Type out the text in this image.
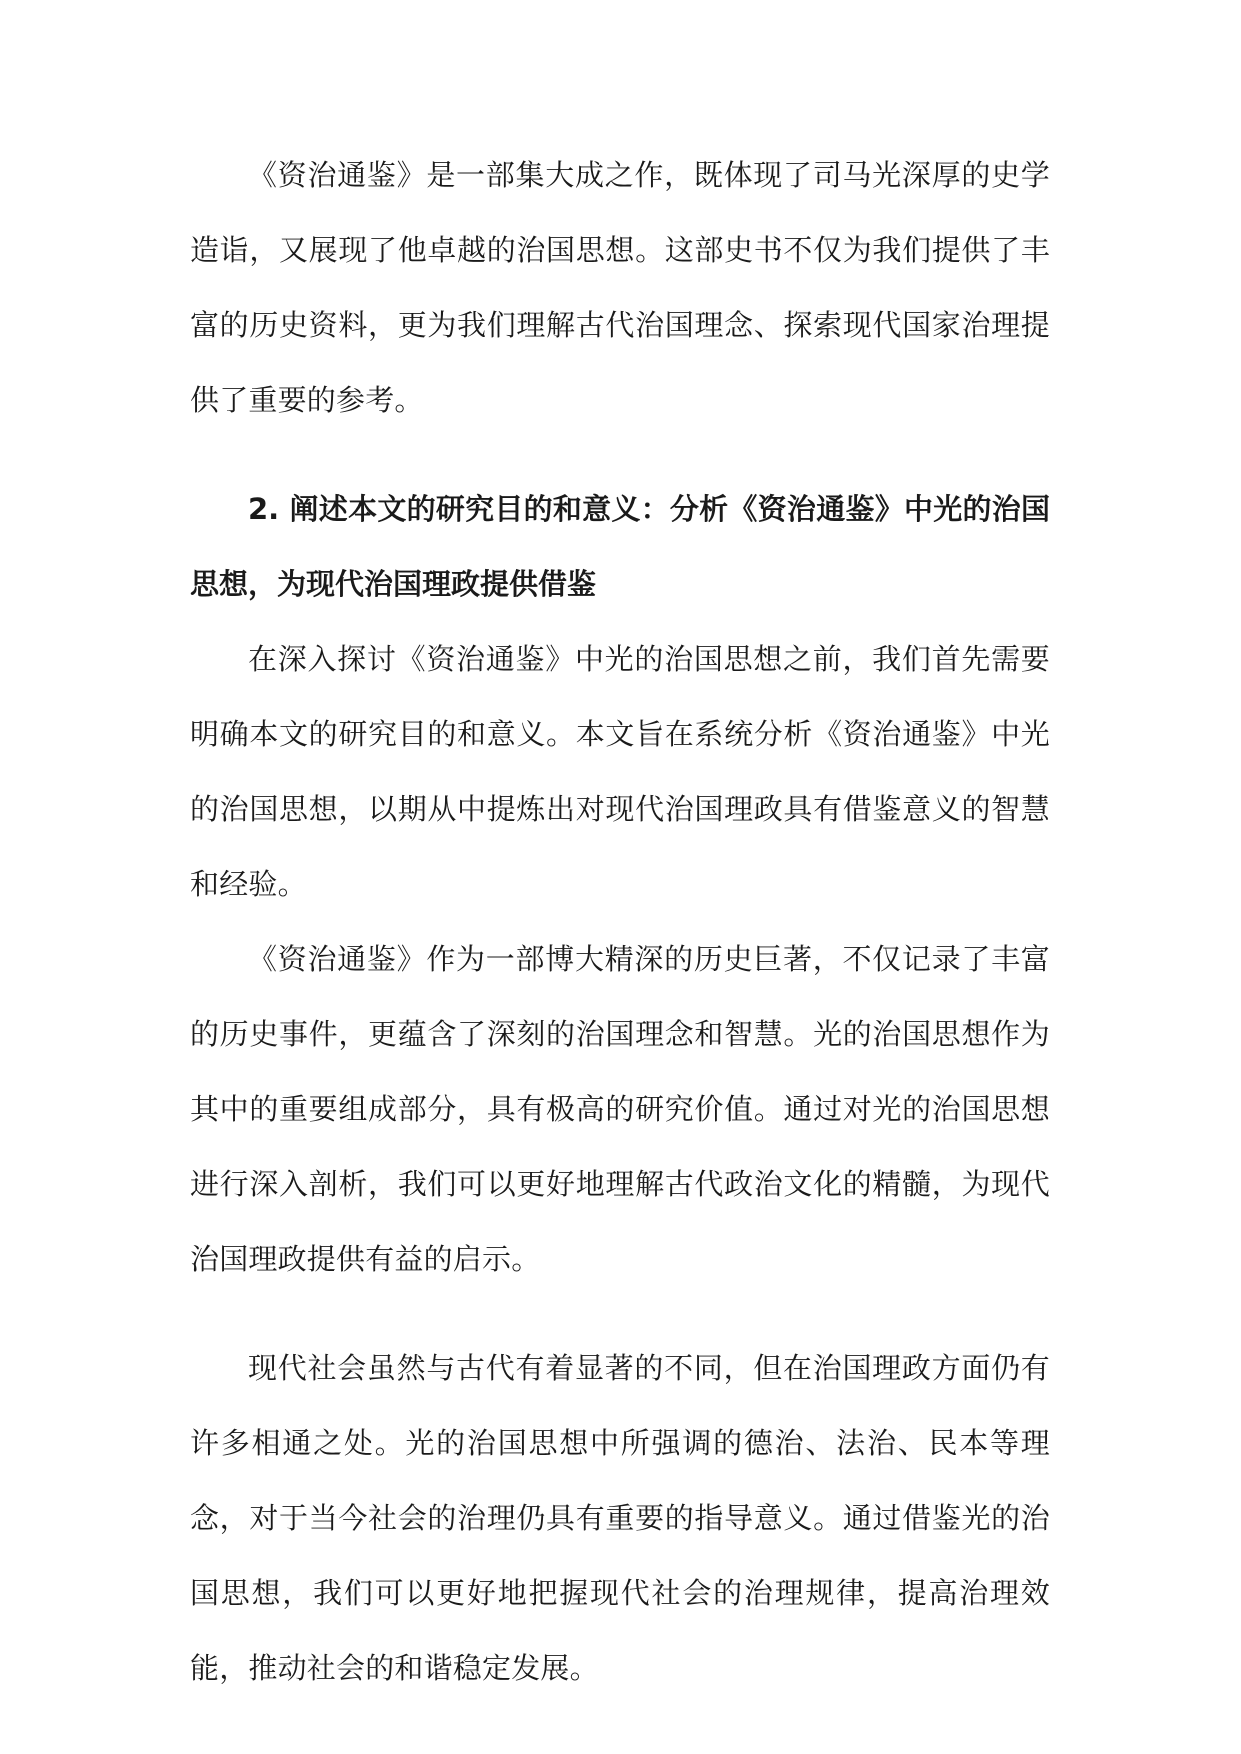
《资治通鉴》是一部集大成之作，既体现了司马光深厚的史学造诣，又展现了他卓越的治国思想。这部史书不仅为我们提供了丰富的历史资料，更为我们理解古代治国理念、探索现代国家治理提供了重要的参考。

2. 阐述本文的研究目的和意义：分析《资治通鉴》中光的治国思想，为现代治国理政提供借鉴

在深入探讨《资治通鉴》中光的治国思想之前，我们首先需要明确本文的研究目的和意义。本文旨在系统分析《资治通鉴》中光的治国思想，以期从中提炼出对现代治国理政具有借鉴意义的智慧和经验。

《资治通鉴》作为一部博大精深的历史巨著，不仅记录了丰富的历史事件，更蕴含了深刻的治国理念和智慧。光的治国思想作为其中的重要组成部分，具有极高的研究价值。通过对光的治国思想进行深入剖析，我们可以更好地理解古代政治文化的精髓，为现代治国理政提供有益的启示。

现代社会虽然与古代有着显著的不同，但在治国理政方面仍有许多相通之处。光的治国思想中所强调的德治、法治、民本等理念，对于当今社会的治理仍具有重要的指导意义。通过借鉴光的治国思想，我们可以更好地把握现代社会的治理规律，提高治理效能，推动社会的和谐稳定发展。
